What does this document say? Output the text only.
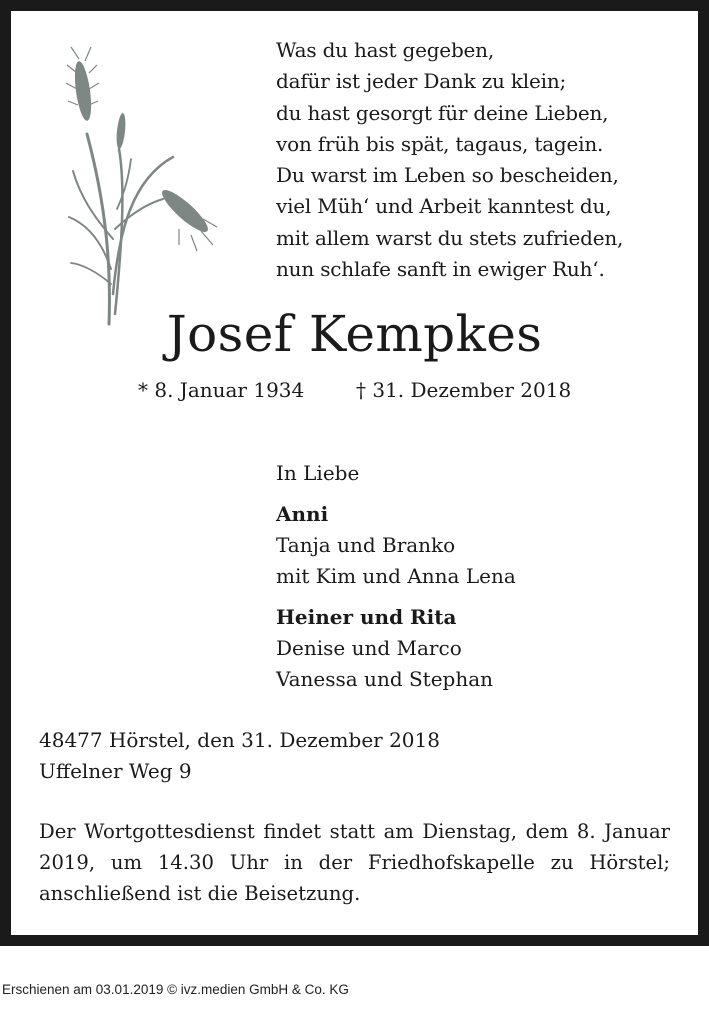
Was du hast gegeben,
dafür ist jeder Dank zu klein;
du hast gesorgt für deine Lieben,
von früh bis spät, tagaus, tagein.
Du warst im Leben so bescheiden,
viel Müh‘ und Arbeit kanntest du,
mit allem warst du stets zufrieden,
nun schlafe sanft in ewiger Ruh‘.
Josef Kempkes
* 8. Januar 1934	† 31. Dezember 2018
In Liebe
Anni
Tanja und Branko
mit Kim und Anna Lena
Heiner und Rita
Denise und Marco
Vanessa und Stephan
48477 Hörstel, den 31. Dezember 2018
Uffelner Weg 9
Der Wortgottesdienst findet statt am Dienstag, dem 8. Januar 2019, um 14.30 Uhr in der Friedhofskapelle zu Hörstel; anschließend ist die Beisetzung.
Erschienen am 03.01.2019 © ivz.medien GmbH & Co. KG
